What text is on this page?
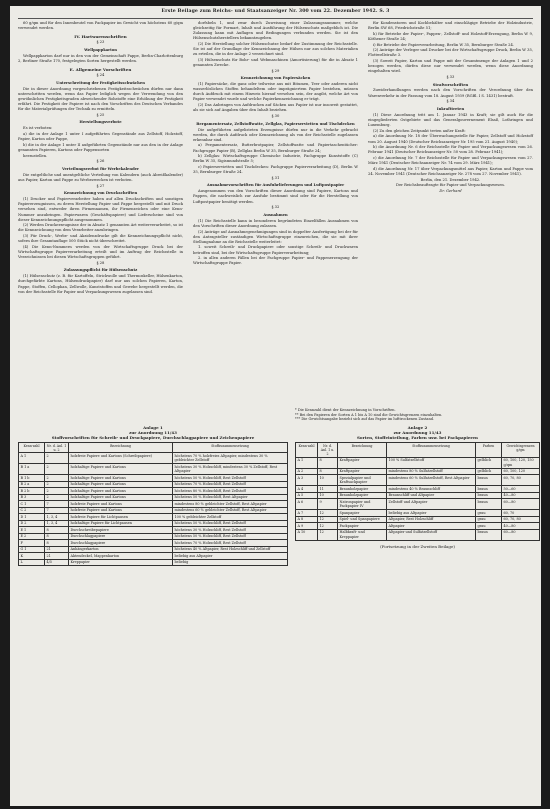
Erste Beilage zum Reichs- und Staatsanzeiger Nr. 300 vom 22. Dezember 1942. S. 3

60 g/qm und für den Innenbeutel von Packpapier im Gewicht von höchstens 60 g/qm verwendet werden.

IV. Hartwarenschriften

§ 23

Wellpappkarton

Wellpappkarton darf nur in den von der Gemeinschaft Pappe, Berlin-Charlottenburg 2, Berliner Straße 170, festgelegten Sorten hergestellt werden.

E. Allgemeine Vorschriften

§ 24

Unterschreitung der Festigkeitsschwächen

Die in dieser Anordnung vorgeschriebenen Festigkeitsschwächen dürfen nur dann unterschritten werden, wenn das Papier lediglich wegen der Verwendung von den gewöhnlichen Festigkeitsgraden abweichender Rohstoffe eine Erhöhung der Festigkeit erfährt. Die Festigkeit der Papiere ist nach den Vorschriften des Deutschen Verbandes für die Materialprüfungen der Technik zu ermitteln.

§ 25

Herstellungsverbote

Es ist verboten:

a) die in der Anlage 1 unter I aufgeführten Gegenstände aus Zellstoff, Holzstoff, Papier, Karton oder Pappe,

b) die in der Anlage 1 unter II aufgeführten Gegenstände nur aus den in der Anlage genannten Papieren, Kartons oder Pappensorten

herzustellen.

§ 26

Verteilungsverbot für Werbekalender

Die entgeltliche und unentgeltliche Verteilung von Kalendern (auch Abreißkalender) aus Papier, Karton und Pappe zu Werbezwecken ist verboten.

§ 27

Kennzeichnung von Druckschriften

(1) Drucker und Papierverarbeiter haben auf allen Druckschriften und sonstigen Papiererzeugnissen, zu deren Herstellung Papier und Pappe hergestellt und mit Druck versehen sind, entweder ihren Firmennamen, ihr Firmenzeichen oder eine Kenn-Nummer anzubringen. Papierwaren (Geschäftspapiere) und Lieferscheine sind von dieser Kennzeichnungspflicht ausgenommen.

(2) Werden Druckerzeugnisse der in Absatz 1 genannten Art weiterverarbeitet, so ist die Kennzeichnung von dem Verarbeiter anzubringen.

(3) Für Druck-, Werbe- und Akzidenzdrucke gilt die Kennzeichnungspflicht nicht, sofern ihre Gesamtauflage 500 Stück nicht überschreitet.

(4) Die Kenn-Nummern werden von der Wirtschaftsgruppe Druck bei der Wirtschaftsgruppe Papierverarbeitung erteilt und im Auftrag der Reichsstelle in Verzeichnissen bei diesen Wirtschaftsgruppen geführt.

§ 28

Zulassungspflicht für Hülsenschutz

(1) Hülsenschutz (z. B. für Kartoffeln, Strickwolle und Thermoskeller, Hülsenkarton, durchgefärbte Kartons, Hülsendruckpapier) darf nur aus solchen Papieren, Karton, Pappe, Stoffen, Cellophan, Zellwolle, Kunststoffen und Gewebe hergestellt werden, die von der Reichsstelle für Papier und Verpackungswesen zugelassen sind.

dorfsbeln 1, und zwar durch Zuweisung einer Zulassungsnummer, welche gleichzeitig für Formart, Inhalt und Ausführung der Hülsenschutz maßgeblich ist. Die Zulassung kann mit Auflagen und Bedingungen verbunden werden. Sie ist den Hülsenschutzherstellern bekanntzugeben.

(2) Die Herstellung solcher Hülsenschutze bedarf der Zustimmung der Reichsstelle. Sie ist auf der Grundlage der Kennzeichnung der Hülsen nur aus solchen Materialien zu erteilen, die in der Anlage 2 verzeichnet sind.

(3) Hülsenschutz für Bohr- und Webmaschinen (Amortisierung) für die in Absatz 1 genannten Zwecke.

§ 29

Kennzeichnung von Papiersäcken

(1) Papiersäcke, die ganz oder teilweise aus mit Bitumen, Teer oder anderen nicht wasserlöslichen Stoffen behandeltem oder imprägniertem Papier bestehen, müssen durch Aufdruck mit einem Hinweis hierauf versehen sein, der angibt, welche Art von Papier verwendet wurde und welche Papierkennzeichnung er trägt.

(2) Das Anbringen von Aufdrucken auf Säcken aus Papier ist nur insoweit gestattet, als sie sich auf Angaben über den Inhalt beziehen.

§ 30

Bergamentersatz, Zellstoffwatte, Zellglas, Papierservietten und Tischdecken

Die aufgeführten aufgelisteten Erzeugnisse dürfen nur in die Verkehr gebracht werden, die durch Aufdruck oder Kennzeichnung als von der Reichsstelle zugelassen erkennbar sind.

a) Pergamentersatz, Butterbrotpapier, Zellstoffwatte und Papiertaschentücher: Fachgruppe Papier (B), Zellglas Berlin W 35, Bernburger Straße 24;

b) Zellglas: Wirtschaftsgruppe Chemische Industrie, Fachgruppe Kunststoffe (C) Berlin W 35, Sigismundstraße 5;

c) Papierservietten und Tischdecken: Fachgruppe Papierverarbeitung (D), Berlin W 35, Bernburger Straße 24.

§ 31

Ausnahmevorschriften für Ausfuhrlieferungen und Luftpostpapier

Ausgenommen von den Vorschriften dieser Anordnung sind Papiere, Kartons und Pappen, die nachweislich zur Ausfuhr bestimmt sind oder für die Herstellung von Luftpostpapier benötigt werden.

§ 32

Ausnahmen

(1) Die Reichsstelle kann in besonderen begründeten Einzelfällen Ausnahmen von den Vorschriften dieser Anordnung zulassen.

(2) Anträge auf Ausnahmegenehmigungen sind in doppelter Ausfertigung bei der für den Antragsteller zuständigen Wirtschaftsgruppe einzureichen, die sie mit ihrer Stellungnahme an die Reichsstelle weiterleitet:

1. soweit Schreib- und Druckpapiere oder sonstige Schreib- und Druckwaren betroffen sind, bei der Wirtschaftsgruppe Papierverarbeitung;

2. in allen anderen Fällen bei der Fachgruppe Papier- und Pappenerzeugung der Wirtschaftsgruppe Papier.

für Kondenstoren und Kochbehälter und einschlägige Betriebe der Holzindustrie, Berlin SW 68, Friedrichstraße 51;

h) für Betriebe der Papier-, Pappen-, Zellstoff- und Holzstoff-Erzeugung, Berlin W 9, Köthener Straße 24;

i) für Betriebe der Papierverarbeitung, Berlin W 35, Bernburger Straße 24.

(2) Anträge der Verleger und Drucker bei der Wirtschaftsgruppe Druck, Berlin W 35, Flottwellstraße 3.

(3) Soweit Papier, Karton und Pappe mit der Gesamtmenge der Anlagen 1 und 2 bezogen werden, dürfen diese nur verwendet werden, wenn diese Anordnung eingehalten wird.

§ 33

Strafvorschriften

Zuwiderhandlungen werden nach den Vorschriften der Verordnung über den Warenverkehr in der Fassung vom 18. August 1939 (RGBl. I S. 1431) bestraft.

§ 34

Inkrafttreten

(1) Diese Anordnung tritt am 1. Januar 1943 in Kraft; sie gilt auch für die eingegliederten Ostgebiete und das Generalgouvernement Elsaß, Lothringen und Luxemburg.

(2) Zu den gleichen Zeitpunkt treten außer Kraft:

a) die Anordnung Nr. 18 der Überwachungsstelle für Papier, Zellstoff und Holzstoff vom 20. August 1940 (Deutscher Reichsanzeiger Nr. 195 vom 21. August 1940);

b) die Anordnung Nr. 6 der Reichsstelle für Papier und Verpackungswesen vom 26. Februar 1941 (Deutscher Reichsanzeiger Nr. 50 vom 28. Februar 1941);

c) die Anordnung Nr. 7 der Reichsstelle für Papier und Verpackungswesen vom 27. März 1941 (Deutscher Reichsanzeiger Nr. 74 vom 29. März 1941);

d) die Anordnung Nr. 17 über Verpackungsmittel aus Papier, Karton und Pappe vom 24. November 1941 (Deutscher Reichsanzeiger Nr. 278 vom 27. November 1941).

Berlin, den 21. Dezember 1942.

Der Reichsbeauftragte für Papier und Verpackungswesen.

Dr. Gerhard

Anlage 1
zur Anordnung 11/43
Stoffvorschriften für Schreib- und Druckpapiere, Durchschlagpapiere und Zeichenpapiere
Kenn-zahl	Nr. d. Anl. 1 u. 2	Bezeichnung	Stoffzusammensetzung
A 1	2	holzfreie Papiere und Kartons (Schreibpapiere)	höchstens 70 % holzfreies Altpapier, mindestens 30 % gebleichter Zellstoff
B 1 a	2	holzhaltige Papiere und Kartons	höchstens 30 % Holzschliff, mindestens 30 % Zellstoff, Rest Altpapier
B 1 b	2	holzhaltige Papiere und Kartons	höchstens 50 % Holzschliff, Rest Zellstoff
B 2 a	2	holzhaltige Papiere und Kartons	höchstens 70 % Holzschliff, Rest Zellstoff
B 2 b	2	holzhaltige Papiere und Kartons	höchstens 80 % Holzschliff, Rest Zellstoff
B 3	2	holzhaltige Papiere und Kartons	höchstens 50 % Holzschliff, Rest Altpapier
C 1	7	holzfreie Papiere und Kartons	mindestens 80 % gebleichter Zellstoff, Rest Altpapier
C 2	7	holzfreie Papiere und Kartons	mindestens 60 % gebleichter Zellstoff, Rest Altpapier
D 1	1, 3, 4	holzfreie Papiere für Lichtpausen	100 % gebleichter Zellstoff
D 2	1, 3, 4	holzhaltige Papiere für Lichtpausen	höchstens 50 % Holzschliff, Rest Zellstoff
E 1	8	Durchschreibepapiere	höchstens 30 % Holzschliff, Rest Zellstoff
E 2	8	Durchschlagpapiere	höchstens 50 % Holzschliff, Rest Zellstoff
F	8	Durchschlagpapiere	höchstens 70 % Holzschliff, Rest Zellstoff
G 1	21	Anhängerkarton	höchstens 40 % Altpapier, Rest Holzschliff und Zellstoff
K	21	Aktendeckel, Mappenkarton	beliebig aus Altpapier
L	4/5	Kreppapier	beliebig
Anlage 2
zur Anordnung 11/43
Sorten, Stoffeinteilung, Farben usw. bei Packpapieren
Kenn-zahl	Nr. d. Anl. 1 u. 2	Bezeichnung	Stoffzusammensetzung	Farben	Gewichtsgrenzen g/qm
A 1	8	Kraftpapier	100 % Sulfatzellstoff	gelblich	60, 100, 120, 150 g/qm
A 2	8	Kraftpapier	mindestens 80 % Sulfatzellstoff	gelblich	60, 100, 120
A 3	10	Spezialpapier und Kraftsackpapier	mindestens 60 % Sulfatzellstoff, Rest Altpapier	braun	60, 70, 80
A 4	11	Braunholzpapier	mindestens 40 % Braunschliff	braun	50—60
A 5	10	Braunholzpapier	Braunschliff und Altpapier	braun	40—80
A 6	9	Natronpapier und Packpapier IV	Zellstoff und Altpapier	braun	60—80
A 7	12	Spanpapier	beliebig aus Altpapier	grau	60, 70
A 8	12	Spiel- und Spanpapiere	Altpapier, Rest Holzschliff	grau	60, 70, 80
A 9	12	Packpapier	Altpapier	grau	40—80
A 10	12	Halbkraft- und Kreppapier	Altpapier und Sulfatzellstoff	braun	60—80
* Die Kennzahl dient der Kennzeichnung in Vorschriften.
** Bei den Papieren der Sorten A 1 bis A 10 sind die Gewichtsgrenzen einzuhalten.
*** Die Gewichtsangabe bezieht sich auf das Papier im lufttrockenen Zustand.
(Fortsetzung in der Zweiten Beilage)
